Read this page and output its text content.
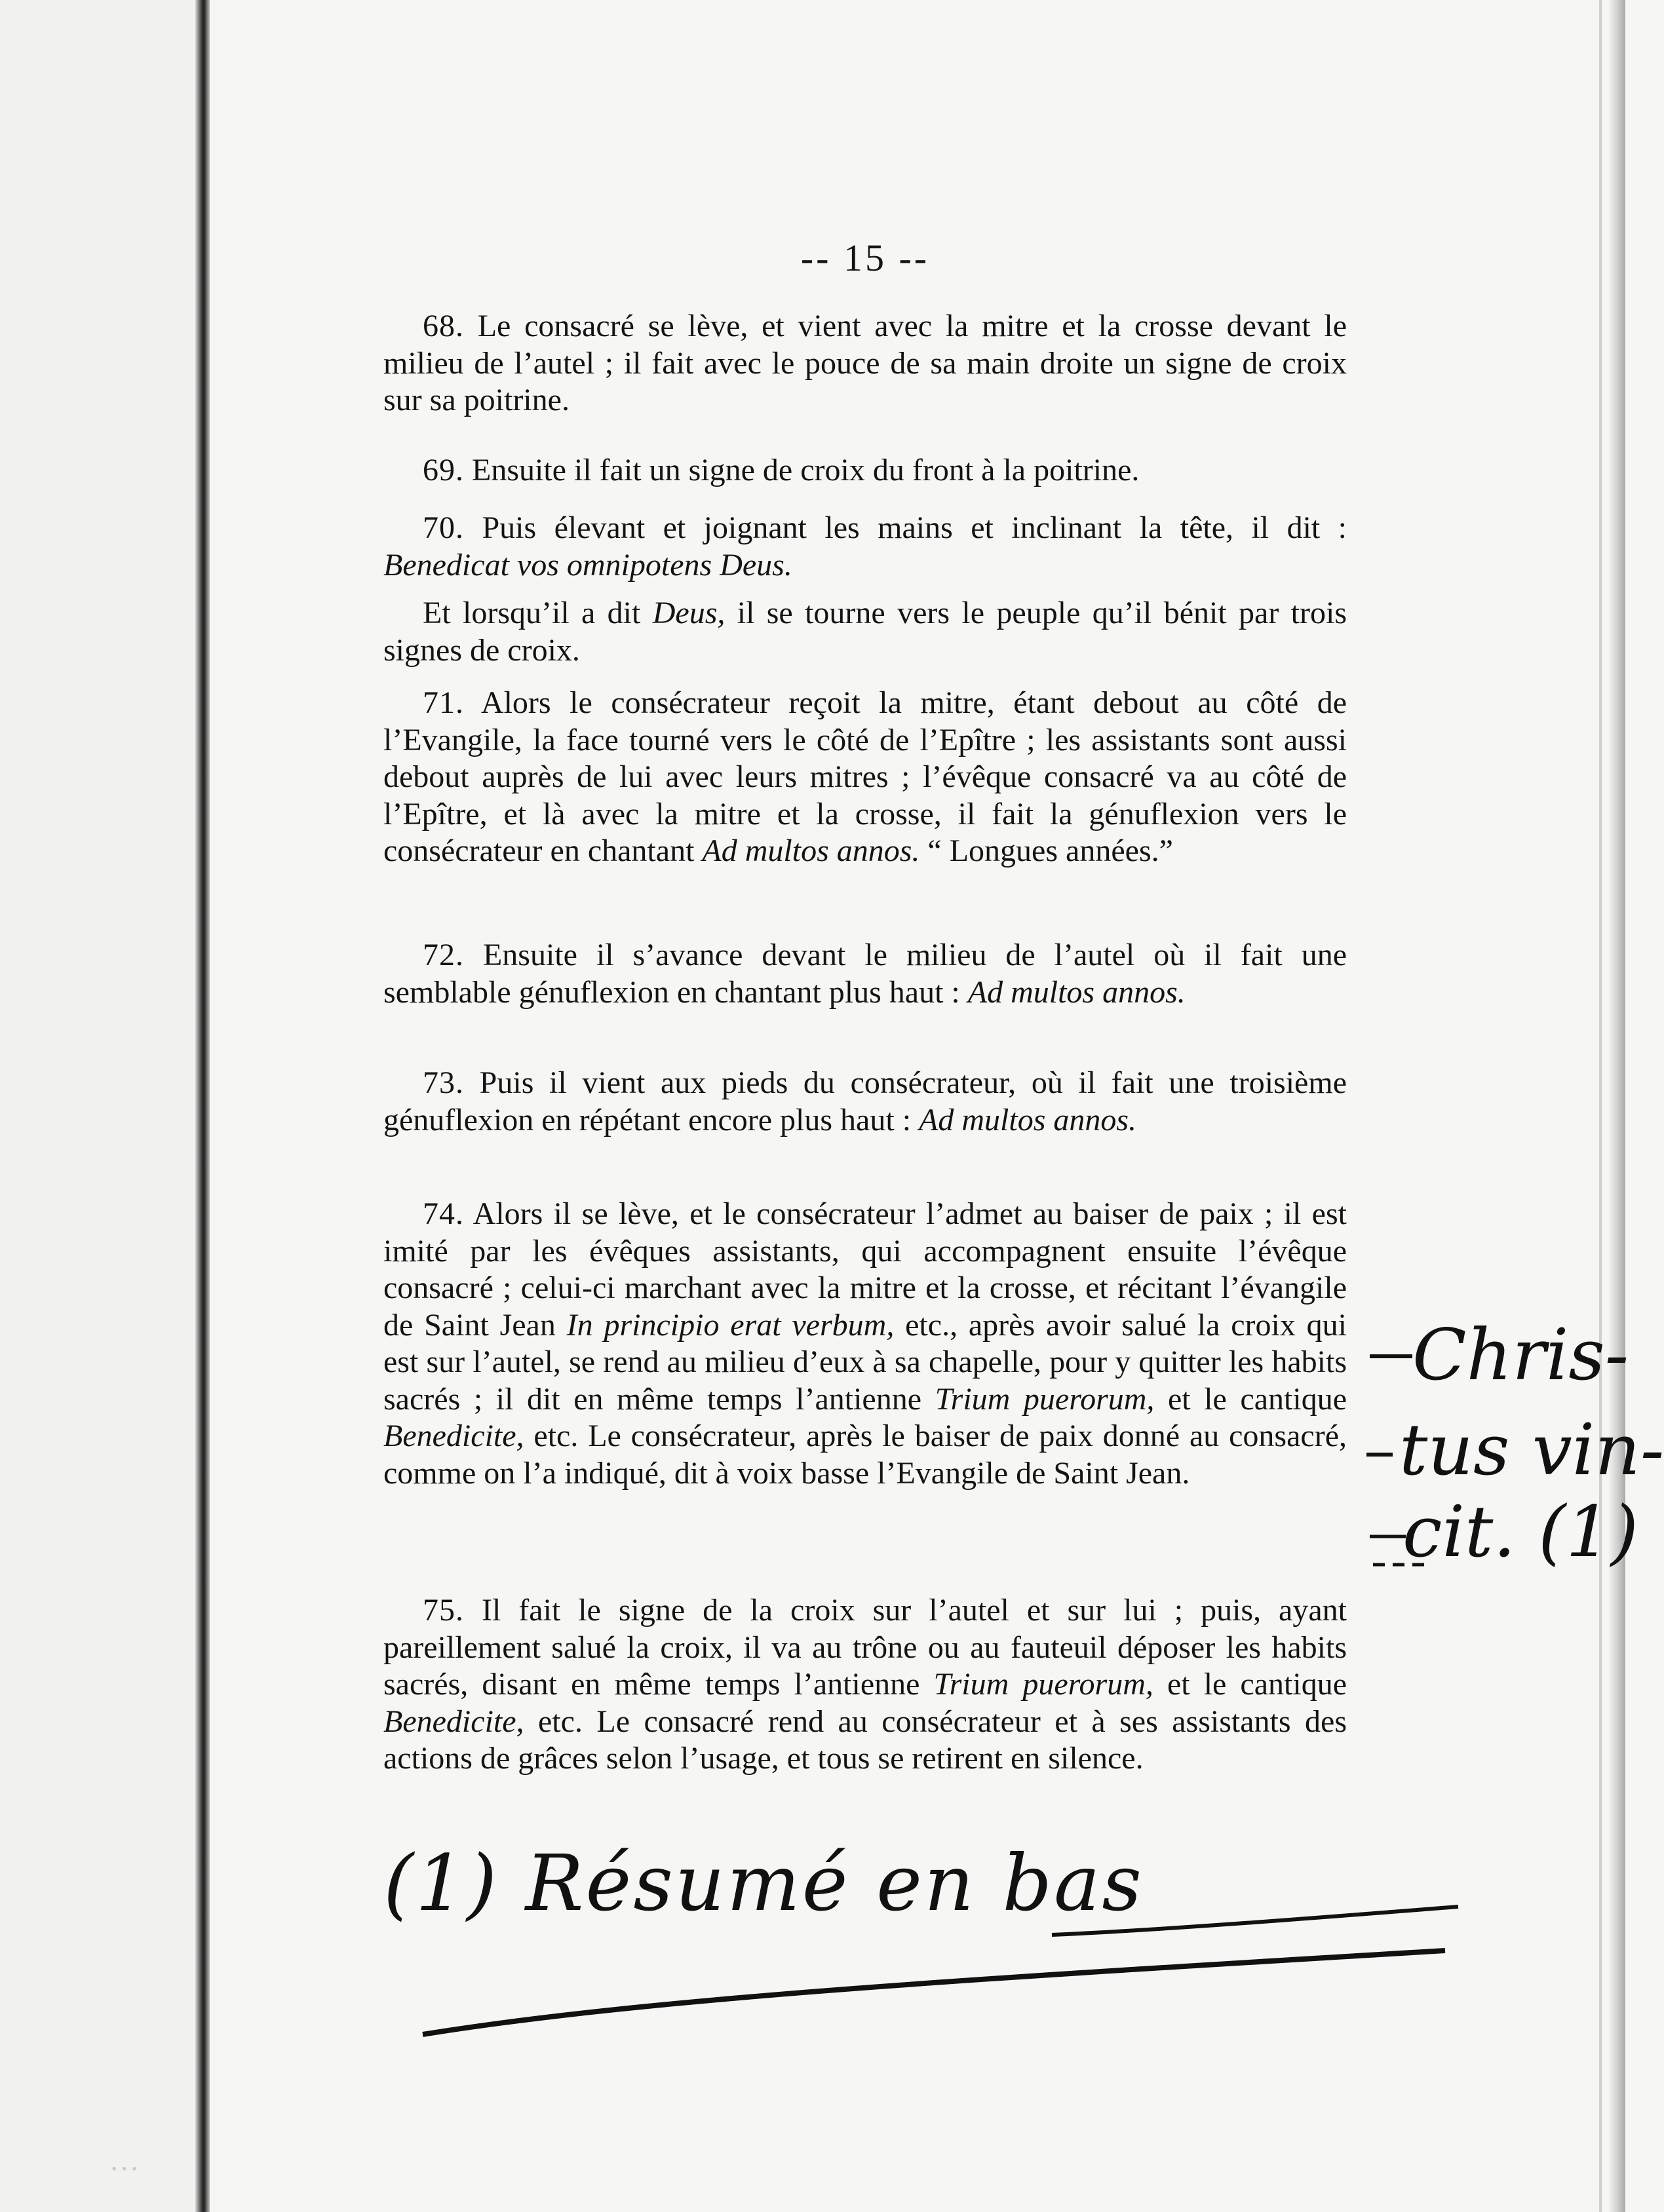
…
-- 15 --

68. Le consacré se lève, et vient avec la mitre et la crosse devant le milieu de l’autel ; il fait avec le pouce de sa main droite un signe de croix sur sa poitrine.

69. Ensuite il fait un signe de croix du front à la poitrine.

70. Puis élevant et joignant les mains et inclinant la tête, il dit : Benedicat vos omnipotens Deus.

Et lorsqu’il a dit Deus, il se tourne vers le peuple qu’il bénit par trois signes de croix.

71. Alors le consécrateur reçoit la mitre, étant debout au côté de l’Evangile, la face tourné vers le côté de l’Epître ; les assistants sont aussi debout auprès de lui avec leurs mitres ; l’évêque consacré va au côté de l’Epître, et là avec la mitre et la crosse, il fait la génuflexion vers le consécrateur en chantant Ad multos annos. “ Longues années.”

72. Ensuite il s’avance devant le milieu de l’autel où il fait une semblable génuflexion en chantant plus haut : Ad multos annos.

73. Puis il vient aux pieds du consécrateur, où il fait une troisième génuflexion en répétant encore plus haut : Ad multos annos.

74. Alors il se lève, et le consécrateur l’admet au baiser de paix ; il est imité par les évêques assistants, qui accompagnent ensuite l’évêque consacré ; celui-ci marchant avec la mitre et la crosse, et récitant l’évangile de Saint Jean In principio erat verbum, etc., après avoir salué la croix qui est sur l’autel, se rend au milieu d’eux à sa chapelle, pour y quitter les habits sacrés ; il dit en même temps l’antienne Trium puerorum, et le cantique Benedicite, etc. Le consécrateur, après le baiser de paix donné au consacré, comme on l’a indiqué, dit à voix basse l’Evangile de Saint Jean.

75. Il fait le signe de la croix sur l’autel et sur lui ; puis, ayant pareillement salué la croix, il va au trône ou au fauteuil déposer les habits sacrés, disant en même temps l’antienne Trium puerorum, et le cantique Benedicite, etc. Le consacré rend au consécrateur et à ses assistants des actions de grâces selon l’usage, et tous se retirent en silence.

Chris-
tus vin-
cit. (1)
(1) Résumé en bas
